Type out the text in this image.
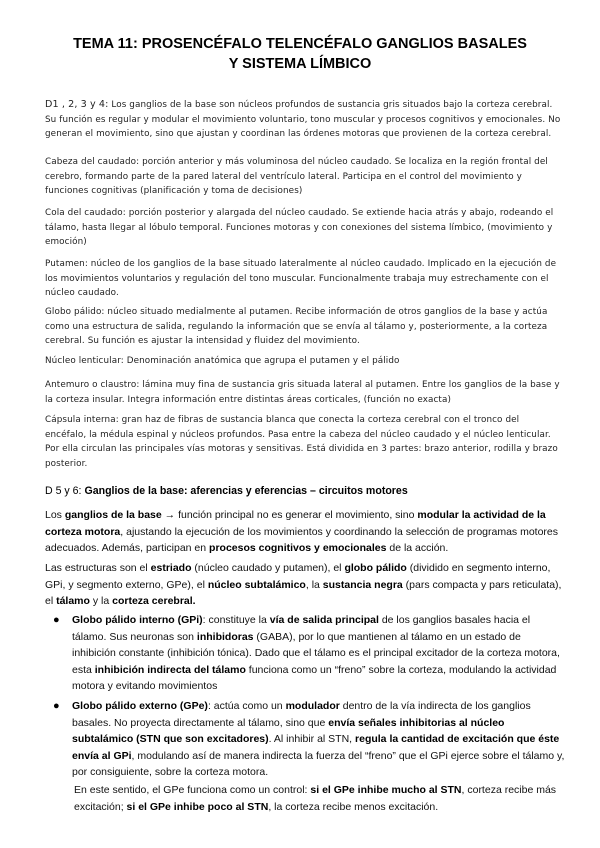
TEMA 11: PROSENCÉFALO TELENCÉFALO GANGLIOS BASALES
Y SISTEMA LÍMBICO
D1 , 2, 3 y 4: Los ganglios de la base son núcleos profundos de sustancia gris situados bajo la corteza cerebral. Su función es regular y modular el movimiento voluntario, tono muscular y procesos cognitivos y emocionales. No generan el movimiento, sino que ajustan y coordinan las órdenes motoras que provienen de la corteza cerebral.
Cabeza del caudado: porción anterior y más voluminosa del núcleo caudado. Se localiza en la región frontal del cerebro, formando parte de la pared lateral del ventrículo lateral. Participa en el control del movimiento y funciones cognitivas (planificación y toma de decisiones)
Cola del caudado: porción posterior y alargada del núcleo caudado. Se extiende hacia atrás y abajo, rodeando el tálamo, hasta llegar al lóbulo temporal. Funciones motoras y con conexiones del sistema límbico, (movimiento y emoción)
Putamen: núcleo de los ganglios de la base situado lateralmente al núcleo caudado. Implicado en la ejecución de los movimientos voluntarios y regulación del tono muscular. Funcionalmente trabaja muy estrechamente con el núcleo caudado.
Globo pálido: núcleo situado medialmente al putamen. Recibe información de otros ganglios de la base y actúa como una estructura de salida, regulando la información que se envía al tálamo y, posteriormente, a la corteza cerebral. Su función es ajustar la intensidad y fluidez del movimiento.
Núcleo lenticular: Denominación anatómica que agrupa el putamen y el pálido
Antemuro o claustro: lámina muy fina de sustancia gris situada lateral al putamen. Entre los ganglios de la base y la corteza insular. Integra información entre distintas áreas corticales, (función no exacta)
Cápsula interna: gran haz de fibras de sustancia blanca que conecta la corteza cerebral con el tronco del encéfalo, la médula espinal y núcleos profundos. Pasa entre la cabeza del núcleo caudado y el núcleo lenticular. Por ella circulan las principales vías motoras y sensitivas. Está dividida en 3 partes: brazo anterior, rodilla y brazo posterior.
D 5 y 6: Ganglios de la base: aferencias y eferencias – circuitos motores
Los ganglios de la base → función principal no es generar el movimiento, sino modular la actividad de la corteza motora, ajustando la ejecución de los movimientos y coordinando la selección de programas motores adecuados. Además, participan en procesos cognitivos y emocionales de la acción.
Las estructuras son el estriado (núcleo caudado y putamen), el globo pálido (dividido en segmento interno, GPi, y segmento externo, GPe), el núcleo subtalámico, la sustancia negra (pars compacta y pars reticulata), el tálamo y la corteza cerebral.
● Globo pálido interno (GPi): constituye la vía de salida principal de los ganglios basales hacia el tálamo. Sus neuronas son inhibidoras (GABA), por lo que mantienen al tálamo en un estado de inhibición constante (inhibición tónica). Dado que el tálamo es el principal excitador de la corteza motora, esta inhibición indirecta del tálamo funciona como un “freno” sobre la corteza, modulando la actividad motora y evitando movimientos
● Globo pálido externo (GPe): actúa como un modulador dentro de la vía indirecta de los ganglios basales. No proyecta directamente al tálamo, sino que envía señales inhibitorias al núcleo subtalámico (STN que son excitadores). Al inhibir al STN, regula la cantidad de excitación que éste envía al GPi, modulando así de manera indirecta la fuerza del “freno” que el GPi ejerce sobre el tálamo y, por consiguiente, sobre la corteza motora.
En este sentido, el GPe funciona como un control: si el GPe inhibe mucho al STN, corteza recibe más excitación; si el GPe inhibe poco al STN, la corteza recibe menos excitación.
